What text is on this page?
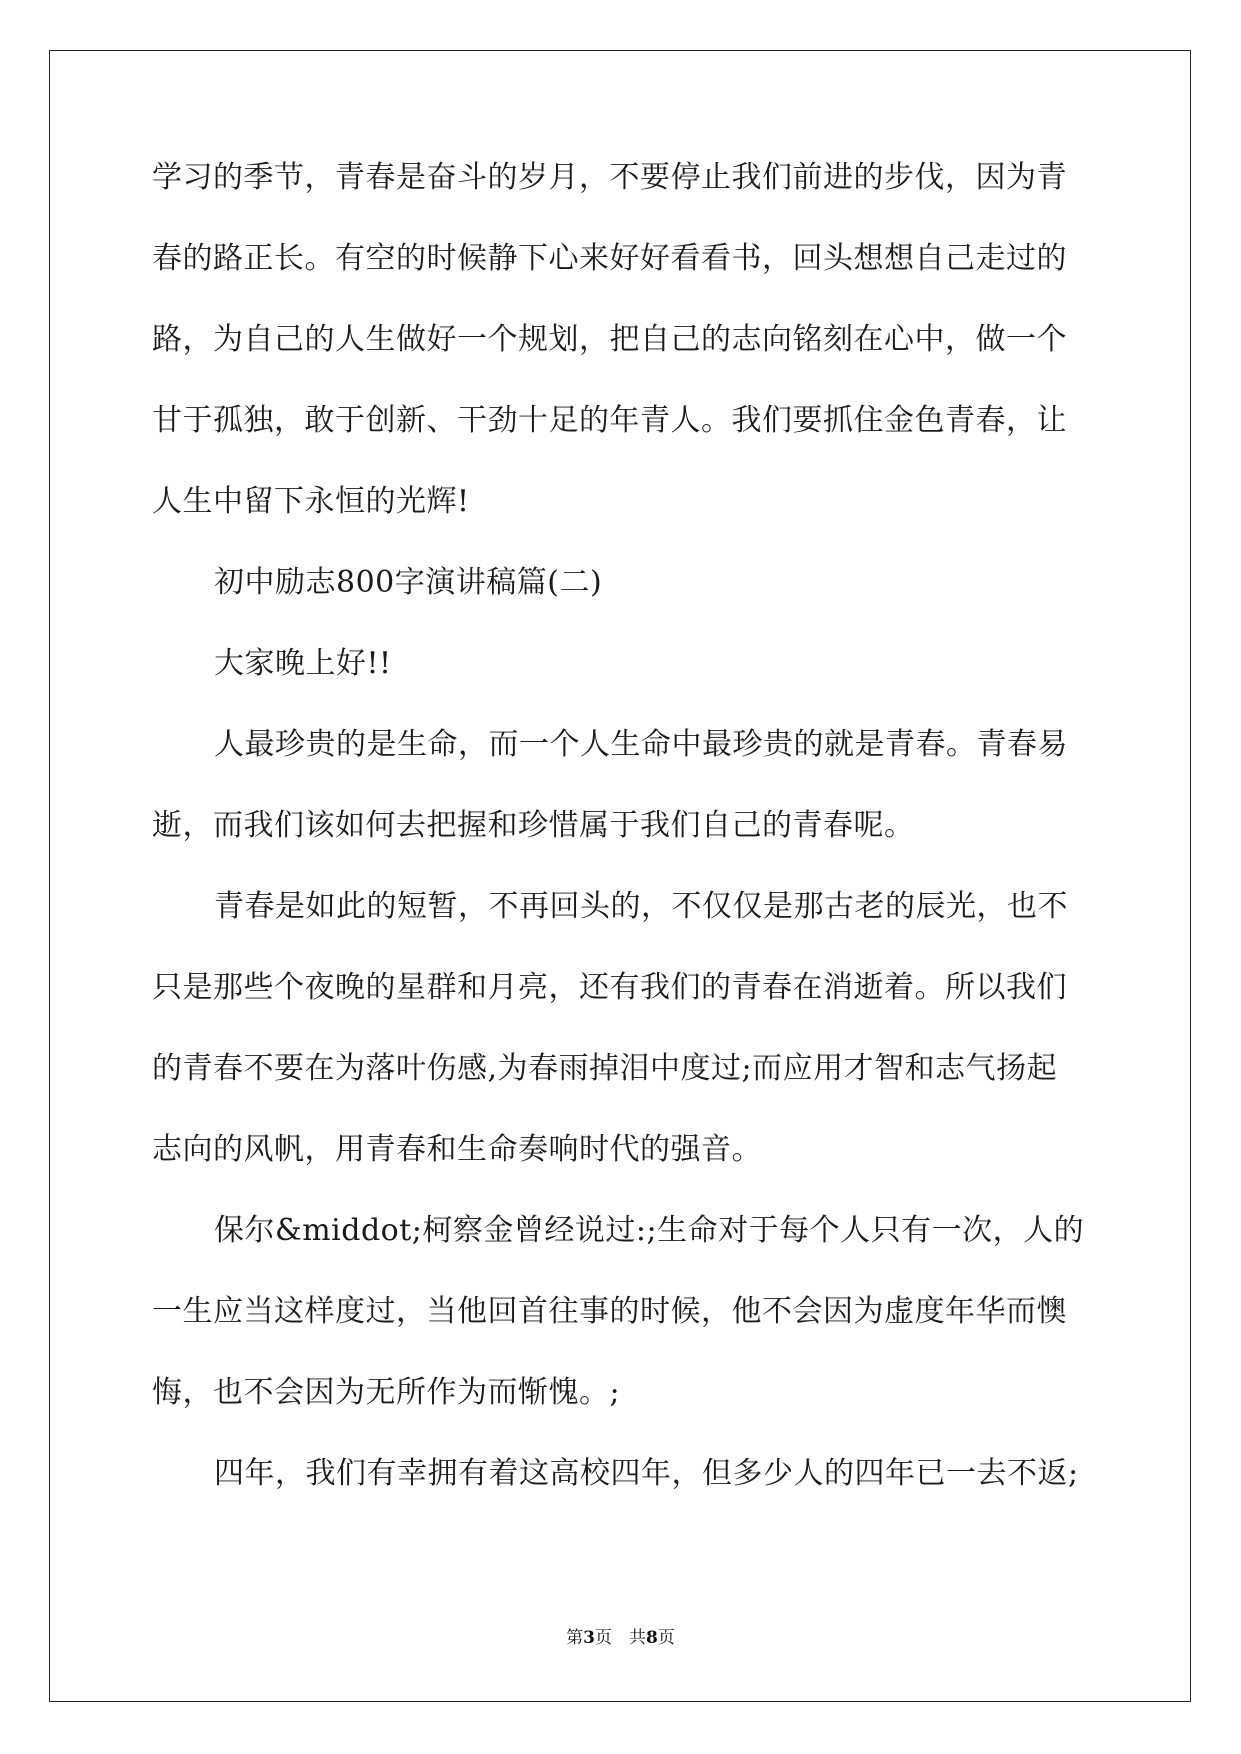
学习的季节，青春是奋斗的岁月，不要停止我们前进的步伐，因为青
春的路正长。有空的时候静下心来好好看看书，回头想想自己走过的
路，为自己的人生做好一个规划，把自己的志向铭刻在心中，做一个
甘于孤独，敢于创新、干劲十足的年青人。我们要抓住金色青春，让
人生中留下永恒的光辉!
初中励志800字演讲稿篇(二)
大家晚上好!!
人最珍贵的是生命，而一个人生命中最珍贵的就是青春。青春易
逝，而我们该如何去把握和珍惜属于我们自己的青春呢。
青春是如此的短暂，不再回头的，不仅仅是那古老的辰光，也不
只是那些个夜晚的星群和月亮，还有我们的青春在消逝着。所以我们
的青春不要在为落叶伤感,为春雨掉泪中度过;而应用才智和志气扬起
志向的风帆，用青春和生命奏响时代的强音。
保尔&middot;柯察金曾经说过:;生命对于每个人只有一次，人的
一生应当这样度过，当他回首往事的时候，他不会因为虚度年华而懊
悔，也不会因为无所作为而惭愧。;
四年，我们有幸拥有着这高校四年，但多少人的四年已一去不返;
第3页　共8页
